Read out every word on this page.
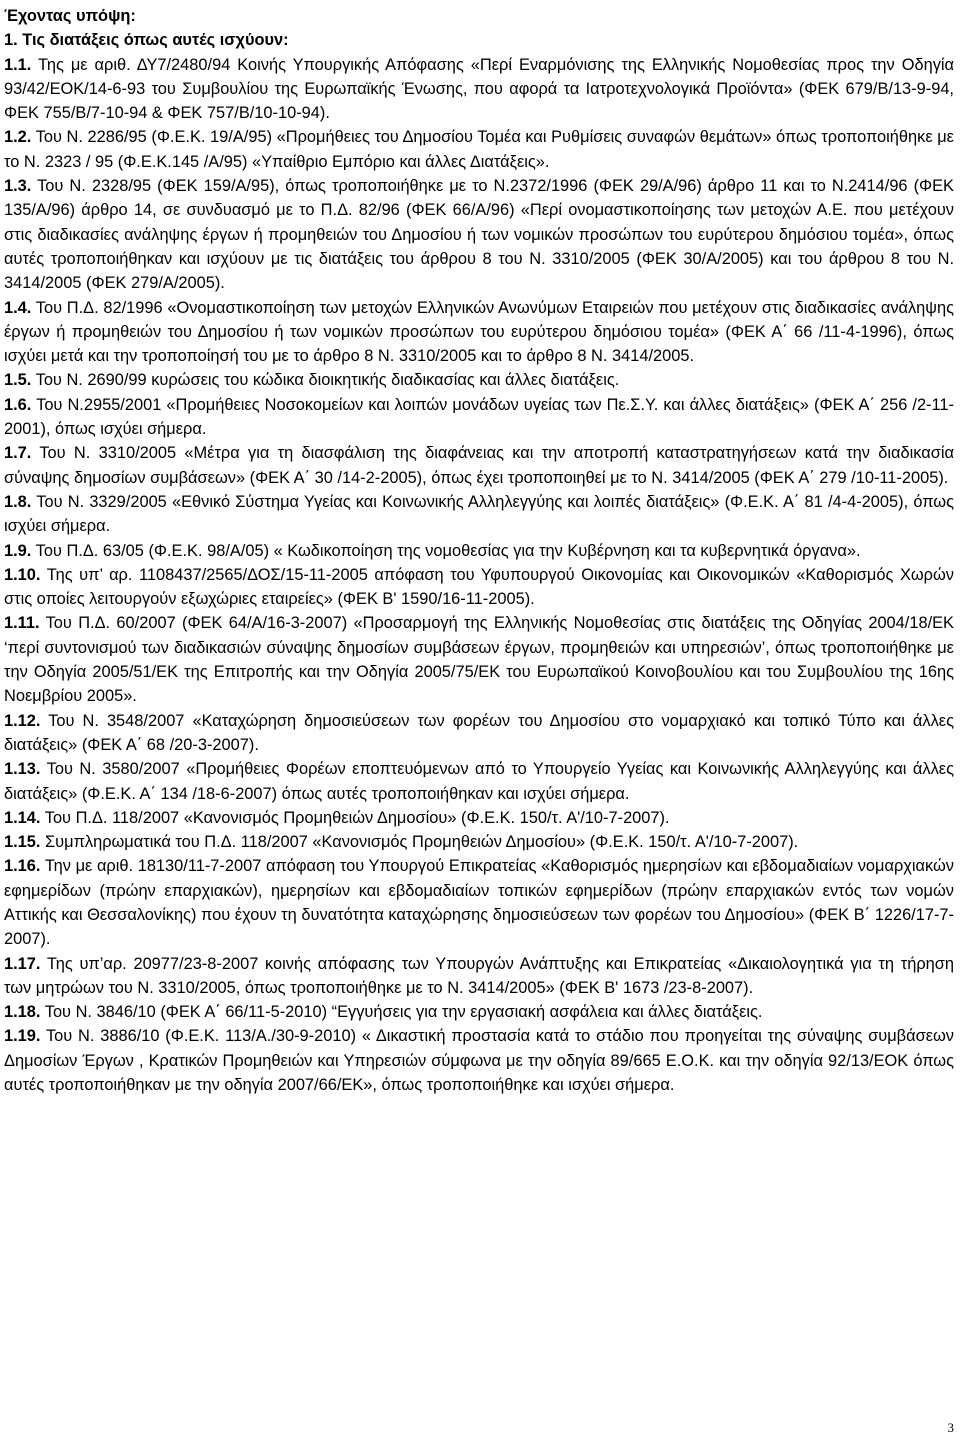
Έχοντας υπόψη:

1. Τις διατάξεις όπως αυτές ισχύουν:

1.1. Της με αριθ. ΔΥ7/2480/94 Κοινής Υπουργικής Απόφασης «Περί Εναρμόνισης της Ελληνικής Νομοθεσίας προς την Οδηγία 93/42/ΕΟΚ/14-6-93 του Συμβουλίου της Ευρωπαϊκής Ένωσης, που αφορά τα Ιατροτεχνολογικά Προϊόντα» (ΦΕΚ 679/Β/13-9-94, ΦΕΚ 755/Β/7-10-94 & ΦΕΚ 757/Β/10-10-94).

1.2. Του Ν. 2286/95 (Φ.Ε.Κ. 19/Α/95) «Προμήθειες του Δημοσίου Τομέα και Ρυθμίσεις συναφών θεμάτων» όπως τροποποιήθηκε με το Ν. 2323 / 95 (Φ.Ε.Κ.145 /Α/95) «Υπαίθριο Εμπόριο και άλλες Διατάξεις».

1.3. Του Ν. 2328/95 (ΦΕΚ 159/Α/95), όπως τροποποιήθηκε με το Ν.2372/1996 (ΦΕΚ 29/Α/96) άρθρο 11 και το Ν.2414/96 (ΦΕΚ 135/Α/96) άρθρο 14, σε συνδυασμό με το Π.Δ. 82/96 (ΦΕΚ 66/Α/96) «Περί ονομαστικοποίησης των μετοχών Α.Ε. που μετέχουν στις διαδικασίες ανάληψης έργων ή προμηθειών του Δημοσίου ή των νομικών προσώπων του ευρύτερου δημόσιου τομέα», όπως αυτές τροποποιήθηκαν και ισχύουν με τις διατάξεις του άρθρου 8 του Ν. 3310/2005 (ΦΕΚ 30/Α/2005) και του άρθρου 8 του Ν. 3414/2005 (ΦΕΚ 279/Α/2005).

1.4. Του Π.Δ. 82/1996 «Ονομαστικοποίηση των μετοχών Ελληνικών Ανωνύμων Εταιρειών που μετέχουν στις διαδικασίες ανάληψης έργων ή προμηθειών του Δημοσίου ή των νομικών προσώπων του ευρύτερου δημόσιου τομέα» (ΦΕΚ Α΄ 66 /11-4-1996), όπως ισχύει μετά και την τροποποίησή του με το άρθρο 8 Ν. 3310/2005 και το άρθρο 8 Ν. 3414/2005.

1.5. Του Ν. 2690/99 κυρώσεις του κώδικα διοικητικής διαδικασίας και άλλες διατάξεις.

1.6. Του Ν.2955/2001 «Προμήθειες Νοσοκομείων και λοιπών μονάδων υγείας των Πε.Σ.Υ. και άλλες διατάξεις» (ΦΕΚ Α΄ 256 /2-11-2001), όπως ισχύει σήμερα.

1.7. Του Ν. 3310/2005 «Μέτρα για τη διασφάλιση της διαφάνειας και την αποτροπή καταστρατηγήσεων κατά την διαδικασία σύναψης δημοσίων συμβάσεων» (ΦΕΚ Α΄ 30 /14-2-2005), όπως έχει τροποποιηθεί με το Ν. 3414/2005 (ΦΕΚ Α΄ 279 /10-11-2005).

1.8. Του Ν. 3329/2005 «Εθνικό Σύστημα Υγείας και Κοινωνικής Αλληλεγγύης και λοιπές διατάξεις» (Φ.Ε.Κ. Α΄ 81 /4-4-2005), όπως ισχύει σήμερα.

1.9. Του Π.Δ. 63/05 (Φ.Ε.Κ. 98/Α/05) « Κωδικοποίηση της νομοθεσίας για την Κυβέρνηση και τα κυβερνητικά όργανα».

1.10. Της υπ’ αρ. 1108437/2565/ΔΟΣ/15-11-2005 απόφαση του Υφυπουργού Οικονομίας και Οικονομικών «Καθορισμός Χωρών στις οποίες λειτουργούν εξωχώριες εταιρείες» (ΦΕΚ Β' 1590/16-11-2005).

1.11. Του Π.Δ. 60/2007 (ΦΕΚ 64/Α/16-3-2007) «Προσαρμογή της Ελληνικής Νομοθεσίας στις διατάξεις της Οδηγίας 2004/18/ΕΚ ‘περί συντονισμού των διαδικασιών σύναψης δημοσίων συμβάσεων έργων, προμηθειών και υπηρεσιών’, όπως τροποποιήθηκε με την Οδηγία 2005/51/ΕΚ της Επιτροπής και την Οδηγία 2005/75/ΕΚ του Ευρωπαϊκού Κοινοβουλίου και του Συμβουλίου της 16ης Νοεμβρίου 2005».

1.12. Του Ν. 3548/2007 «Καταχώρηση δημοσιεύσεων των φορέων του Δημοσίου στο νομαρχιακό και τοπικό Τύπο και άλλες διατάξεις» (ΦΕΚ Α΄ 68 /20-3-2007).

1.13. Του Ν. 3580/2007 «Προμήθειες Φορέων εποπτευόμενων από το Υπουργείο Υγείας και Κοινωνικής Αλληλεγγύης και άλλες διατάξεις» (Φ.Ε.Κ. Α΄ 134 /18-6-2007) όπως αυτές τροποποιήθηκαν και ισχύει σήμερα.

1.14. Του Π.Δ. 118/2007 «Κανονισμός Προμηθειών Δημοσίου» (Φ.Ε.Κ. 150/τ. Α'/10-7-2007).

1.15. Συμπληρωματικά του Π.Δ. 118/2007 «Κανονισμός Προμηθειών Δημοσίου» (Φ.Ε.Κ. 150/τ. Α'/10-7-2007).

1.16. Την με αριθ. 18130/11-7-2007 απόφαση του Υπουργού Επικρατείας «Καθορισμός ημερησίων και εβδομαδιαίων νομαρχιακών εφημερίδων (πρώην επαρχιακών), ημερησίων και εβδομαδιαίων τοπικών εφημερίδων (πρώην επαρχιακών εντός των νομών Αττικής και Θεσσαλονίκης) που έχουν τη δυνατότητα καταχώρησης δημοσιεύσεων των φορέων του Δημοσίου» (ΦΕΚ Β΄ 1226/17-7-2007).

1.17. Της υπ’αρ. 20977/23-8-2007 κοινής απόφασης των Υπουργών Ανάπτυξης και Επικρατείας «Δικαιολογητικά για τη τήρηση των μητρώων του Ν. 3310/2005, όπως τροποποιήθηκε με το Ν. 3414/2005» (ΦΕΚ Β' 1673 /23-8-2007).

1.18. Του Ν. 3846/10 (ΦΕΚ Α΄ 66/11-5-2010) “Εγγυήσεις για την εργασιακή ασφάλεια και άλλες διατάξεις.

1.19. Του Ν. 3886/10 (Φ.Ε.Κ. 113/Α./30-9-2010) « Δικαστική προστασία κατά το στάδιο που προηγείται της σύναψης συμβάσεων Δημοσίων Έργων , Κρατικών Προμηθειών και Υπηρεσιών σύμφωνα με την οδηγία 89/665 Ε.Ο.Κ. και την οδηγία 92/13/ΕΟΚ όπως αυτές τροποποιήθηκαν με την οδηγία 2007/66/ΕΚ», όπως τροποποιήθηκε και ισχύει σήμερα.

3
